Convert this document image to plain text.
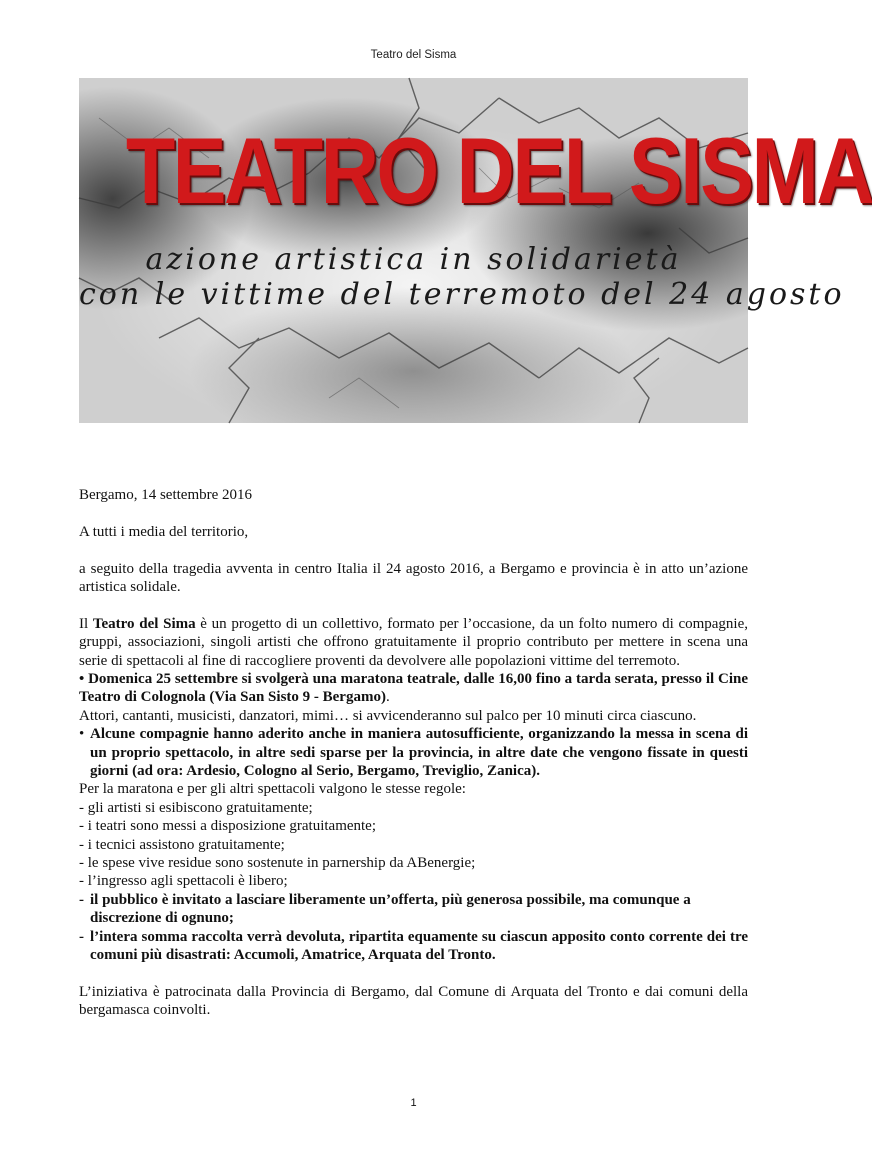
Teatro del Sisma
TEATRO DEL SISMA
azione artistica in solidarietà
con le vittime del terremoto del 24 agosto

Bergamo, 14 settembre 2016

A tutti i media del territorio,

a seguito della tragedia avventa in centro Italia il 24 agosto 2016, a Bergamo e provincia è in atto un’azione artistica solidale.

Il Teatro del Sima è un progetto di un collettivo, formato per l’occasione, da un folto numero di compagnie, gruppi, associazioni, singoli artisti che offrono gratuitamente il proprio contributo per mettere in scena una serie di spettacoli al fine di raccogliere proventi da devolvere alle popolazioni vittime del terremoto.

• Domenica 25 settembre si svolgerà una maratona teatrale, dalle 16,00 fino a tarda serata, presso il Cine Teatro di Colognola (Via San Sisto 9 - Bergamo).

Attori, cantanti, musicisti, danzatori, mimi… si avvicenderanno sul palco per 10 minuti circa ciascuno.

• Alcune compagnie hanno aderito anche in maniera autosufficiente, organizzando la messa in scena di un proprio spettacolo, in altre sedi sparse per la provincia, in altre date che vengono fissate in questi giorni (ad ora: Ardesio, Cologno al Serio, Bergamo, Treviglio, Zanica).

Per la maratona e per gli altri spettacoli valgono le stesse regole:

- gli artisti si esibiscono gratuitamente;

- i teatri sono messi a disposizione gratuitamente;

- i tecnici assistono gratuitamente;

- le spese vive residue sono sostenute in parnership da ABenergie;

- l’ingresso agli spettacoli è libero;

- il pubblico è invitato a lasciare liberamente un’offerta, più generosa possibile, ma comunque a discrezione di ognuno;
- l’intera somma raccolta verrà devoluta, ripartita equamente su ciascun apposito conto corrente dei tre comuni più disastrati: Accumoli, Amatrice, Arquata del Tronto.

L’iniziativa è patrocinata dalla Provincia di Bergamo, dal Comune di Arquata del Tronto e dai comuni della bergamasca coinvolti.

1
